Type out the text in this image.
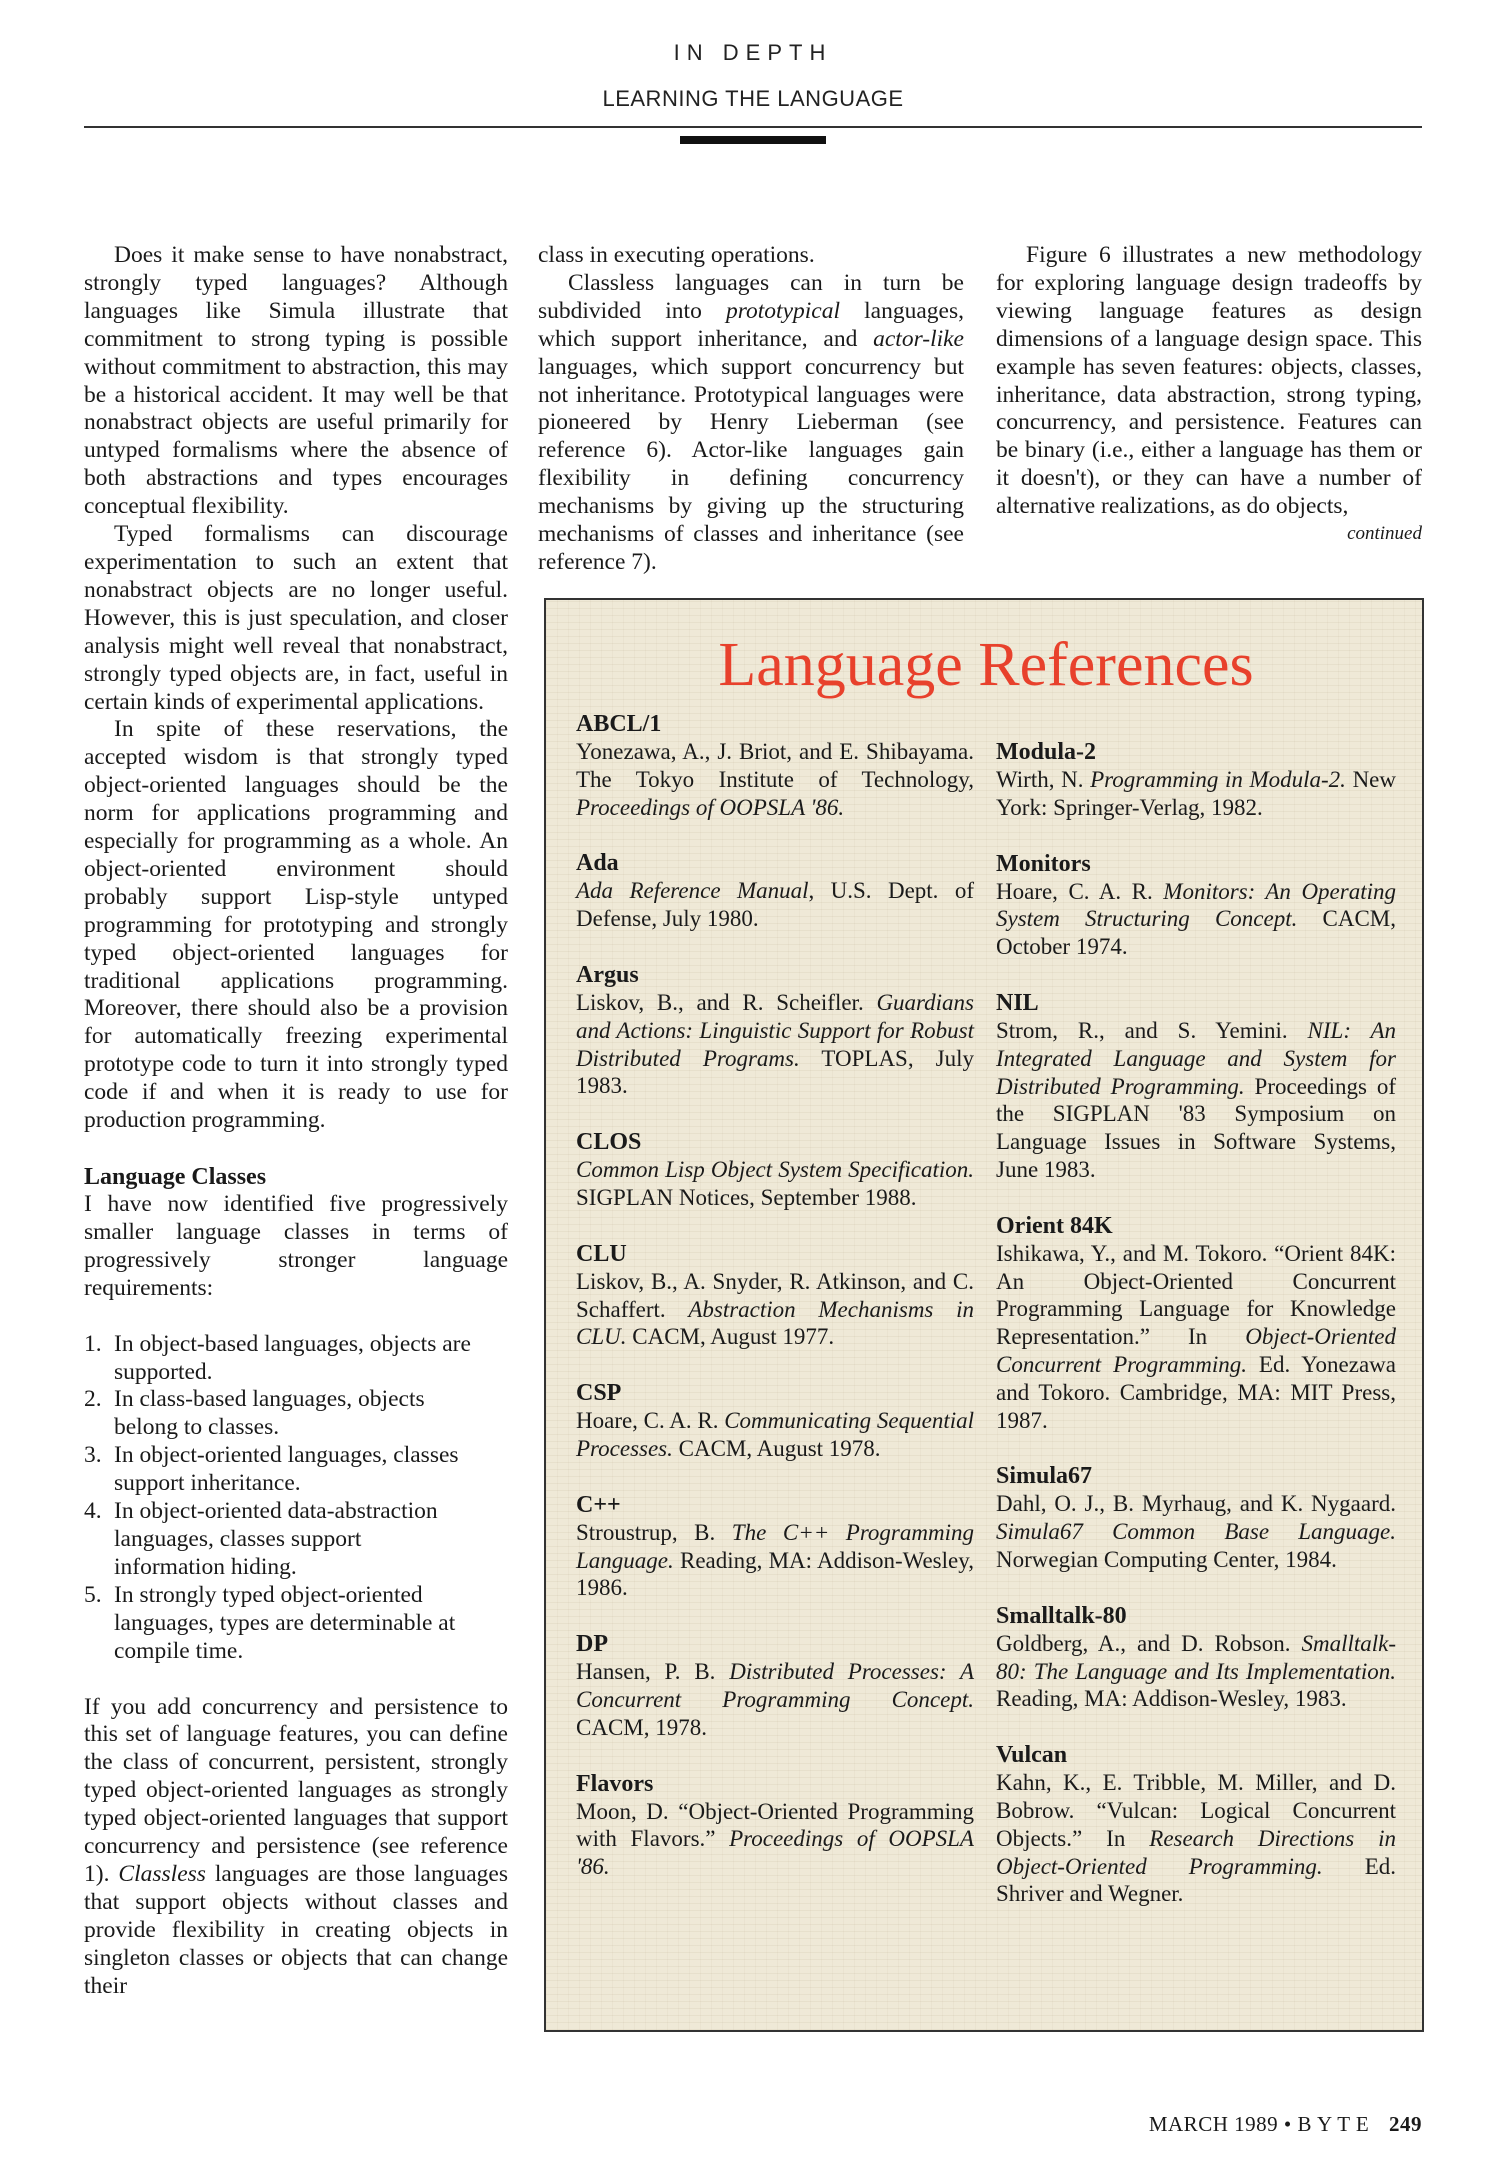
IN DEPTH
LEARNING THE LANGUAGE

Does it make sense to have nonabstract, strongly typed languages? Although languages like Simula illustrate that commitment to strong typing is possible without commitment to abstraction, this may be a historical accident. It may well be that nonabstract objects are useful primarily for untyped formalisms where the absence of both abstractions and types encourages conceptual flexibility.

Typed formalisms can discourage experimentation to such an extent that nonabstract objects are no longer useful. However, this is just speculation, and closer analysis might well reveal that nonabstract, strongly typed objects are, in fact, useful in certain kinds of experimental applications.

In spite of these reservations, the accepted wisdom is that strongly typed object-oriented languages should be the norm for applications programming and especially for programming as a whole. An object-oriented environment should probably support Lisp-style untyped programming for prototyping and strongly typed object-oriented languages for traditional applications programming. Moreover, there should also be a provision for automatically freezing experimental prototype code to turn it into strongly typed code if and when it is ready to use for production programming.

Language Classes

I have now identified five progressively smaller language classes in terms of progressively stronger language requirements:

1. In object-based languages, objects are supported.
2. In class-based languages, objects belong to classes.
3. In object-oriented languages, classes support inheritance.
4. In object-oriented data-abstraction languages, classes support information hiding.
5. In strongly typed object-oriented languages, types are determinable at compile time.

If you add concurrency and persistence to this set of language features, you can define the class of concurrent, persistent, strongly typed object-oriented languages as strongly typed object-oriented languages that support concurrency and persistence (see reference 1). Classless languages are those languages that support objects without classes and provide flexibility in creating objects in singleton classes or objects that can change their

class in executing operations.

Classless languages can in turn be subdivided into prototypical languages, which support inheritance, and actor-like languages, which support concurrency but not inheritance. Prototypical languages were pioneered by Henry Lieberman (see reference 6). Actor-like languages gain flexibility in defining concurrency mechanisms by giving up the structuring mechanisms of classes and inheritance (see reference 7).

Figure 6 illustrates a new methodology for exploring language design tradeoffs by viewing language features as design dimensions of a language design space. This example has seven features: objects, classes, inheritance, data abstraction, strong typing, concurrency, and persistence. Features can be binary (i.e., either a language has them or it doesn't), or they can have a number of alternative realizations, as do objects,

continued
Language References
ABCL/1
Yonezawa, A., J. Briot, and E. Shibayama. The Tokyo Institute of Technology, Proceedings of OOPSLA '86.
Ada
Ada Reference Manual, U.S. Dept. of Defense, July 1980.
Argus
Liskov, B., and R. Scheifler. Guardians and Actions: Linguistic Support for Robust Distributed Programs. TOPLAS, July 1983.
CLOS
Common Lisp Object System Specification. SIGPLAN Notices, September 1988.
CLU
Liskov, B., A. Snyder, R. Atkinson, and C. Schaffert. Abstraction Mechanisms in CLU. CACM, August 1977.
CSP
Hoare, C. A. R. Communicating Sequential Processes. CACM, August 1978.
C++
Stroustrup, B. The C++ Programming Language. Reading, MA: Addison-Wesley, 1986.
DP
Hansen, P. B. Distributed Processes: A Concurrent Programming Concept. CACM, 1978.
Flavors
Moon, D. “Object-Oriented Programming with Flavors.” Proceedings of OOPSLA '86.
Modula-2
Wirth, N. Programming in Modula-2. New York: Springer-Verlag, 1982.
Monitors
Hoare, C. A. R. Monitors: An Operating System Structuring Concept. CACM, October 1974.
NIL
Strom, R., and S. Yemini. NIL: An Integrated Language and System for Distributed Programming. Proceedings of the SIGPLAN '83 Symposium on Language Issues in Software Systems, June 1983.
Orient 84K
Ishikawa, Y., and M. Tokoro. “Orient 84K: An Object-Oriented Concurrent Programming Language for Knowledge Representation.” In Object-Oriented Concurrent Programming. Ed. Yonezawa and Tokoro. Cambridge, MA: MIT Press, 1987.
Simula67
Dahl, O. J., B. Myrhaug, and K. Nygaard. Simula67 Common Base Language. Norwegian Computing Center, 1984.
Smalltalk-80
Goldberg, A., and D. Robson. Smalltalk-80: The Language and Its Implementation. Reading, MA: Addison-Wesley, 1983.
Vulcan
Kahn, K., E. Tribble, M. Miller, and D. Bobrow. “Vulcan: Logical Concurrent Objects.” In Research Directions in Object-Oriented Programming. Ed. Shriver and Wegner.
MARCH 1989 • B Y T E 249
